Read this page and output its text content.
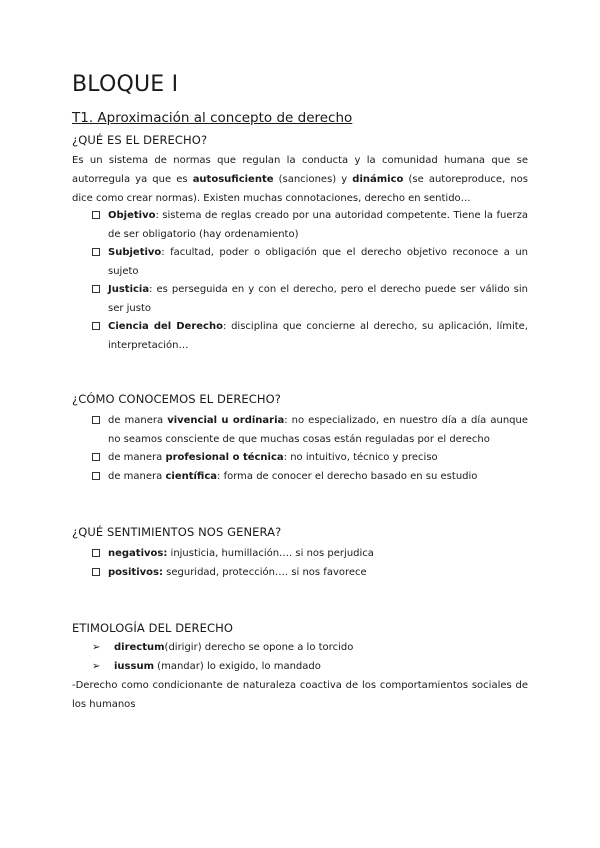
BLOQUE I
T1. Aproximación al concepto de derecho
¿QUÉ ES EL DERECHO?
Es un sistema de normas que regulan la conducta y la comunidad humana que se autorregula ya que es autosuficiente (sanciones) y dinámico (se autoreproduce, nos dice como crear normas). Existen muchas connotaciones, derecho en sentido…
Objetivo: sistema de reglas creado por una autoridad competente. Tiene la fuerza de ser obligatorio (hay ordenamiento)
Subjetivo: facultad, poder o obligación que el derecho objetivo reconoce a un sujeto
Justicia: es perseguida en y con el derecho, pero el derecho puede ser válido sin ser justo
Ciencia del Derecho: disciplina que concierne al derecho, su aplicación, límite, interpretación…
¿CÓMO CONOCEMOS EL DERECHO?
de manera vivencial u ordinaria: no especializado, en nuestro día a día aunque no seamos consciente de que muchas cosas están reguladas por el derecho
de manera profesional o técnica: no intuitivo, técnico y preciso
de manera científica: forma de conocer el derecho basado en su estudio
¿QUÉ SENTIMIENTOS NOS GENERA?
negativos: injusticia, humillación…. si nos perjudica
positivos: seguridad, protección…. si nos favorece
ETIMOLOGÍA DEL DERECHO
➢	directum(dirigir) derecho se opone a lo torcido
➢	iussum (mandar) lo exigido, lo mandado
-Derecho como condicionante de naturaleza coactiva de los comportamientos sociales de los humanos
